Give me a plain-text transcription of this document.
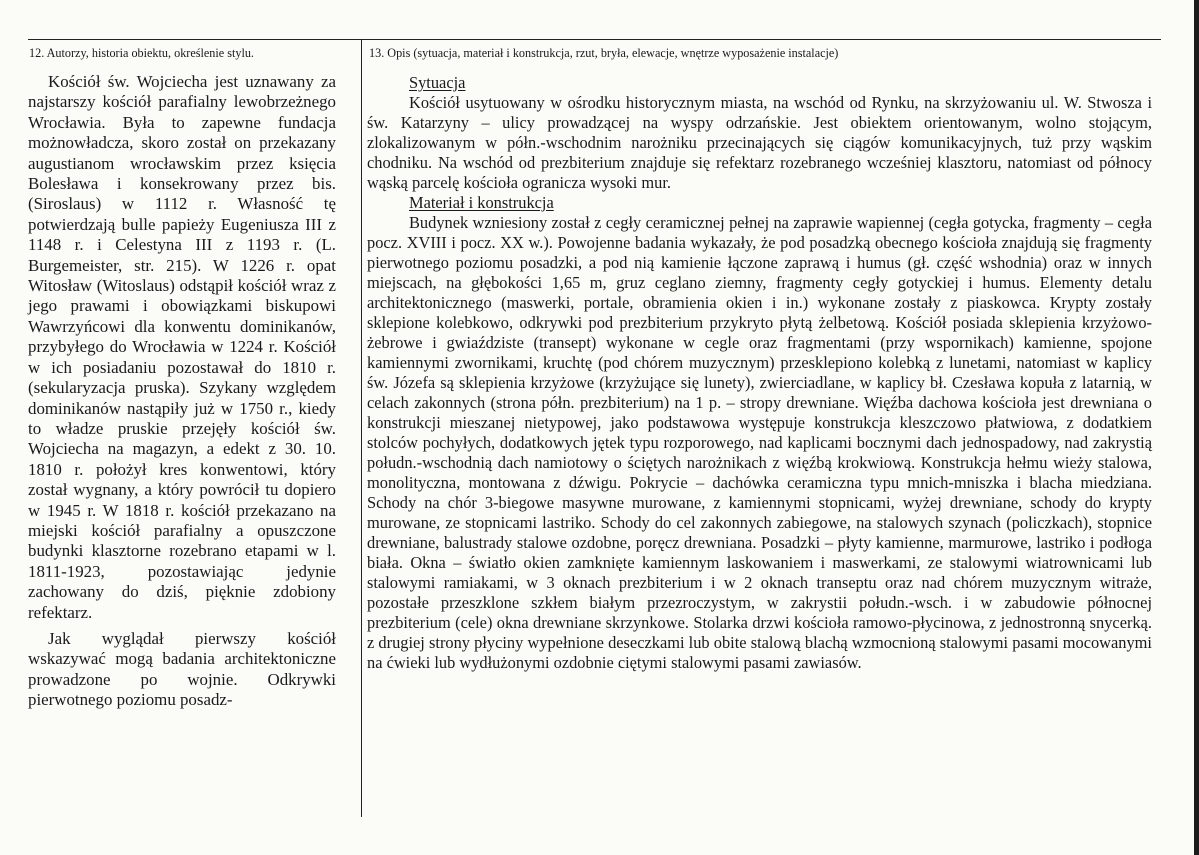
12. Autorzy, historia obiektu, określenie stylu.	13. Opis (sytuacja, materiał i konstrukcja, rzut, bryła, elewacje, wnętrze wyposażenie instalacje)

Kościół św. Wojciecha jest uznawany za najstarszy kościół parafialny lewobrzeżnego Wrocławia. Była to zapewne fundacja możnowładcza, skoro został on przekazany augustianom wrocławskim przez księcia Bolesława i konsekrowany przez bis. (Siroslaus) w 1112 r. Własność tę potwierdzają bulle papieży Eugeniusza III z 1148 r. i Celestyna III z 1193 r. (L. Burgemeister, str. 215). W 1226 r. opat Witosław (Witoslaus) odstąpił kościół wraz z jego prawami i obowiązkami biskupowi Wawrzyńcowi dla konwentu dominikanów, przybyłego do Wrocławia w 1224 r. Kościół w ich posiadaniu pozostawał do 1810 r. (sekularyzacja pruska). Szykany względem dominikanów nastąpiły już w 1750 r., kiedy to władze pruskie przejęły kościół św. Wojciecha na magazyn, a edekt z 30. 10. 1810 r. położył kres konwentowi, który został wygnany, a który powrócił tu dopiero w 1945 r. W 1818 r. kościół przekazano na miejski kościół parafialny a opuszczone budynki klasztorne rozebrano etapami w l. 1811-1923, pozostawiając jedynie zachowany do dziś, pięknie zdobiony refektarz.

Jak wyglądał pierwszy kościół wskazywać mogą badania architektoniczne prowadzone po wojnie. Odkrywki pierwotnego poziomu posadz-

Sytuacja

Kościół usytuowany w ośrodku historycznym miasta, na wschód od Rynku, na skrzyżowaniu ul. W. Stwosza i św. Katarzyny – ulicy prowadzącej na wyspy odrzańskie. Jest obiektem orientowanym, wolno stojącym, zlokalizowanym w półn.-wschodnim narożniku przecinających się ciągów komunikacyjnych, tuż przy wąskim chodniku. Na wschód od prezbiterium znajduje się refektarz rozebranego wcześniej klasztoru, natomiast od północy wąską parcelę kościoła ogranicza wysoki mur.

Materiał i konstrukcja

Budynek wzniesiony został z cegły ceramicznej pełnej na zaprawie wapiennej (cegła gotycka, fragmenty – cegła pocz. XVIII i pocz. XX w.). Powojenne badania wykazały, że pod posadzką obecnego kościoła znajdują się fragmenty pierwotnego poziomu posadzki, a pod nią kamienie łączone zaprawą i humus (gł. część wshodnia) oraz w innych miejscach, na głębokości 1,65 m, gruz ceglano ziemny, fragmenty cegły gotyckiej i humus. Elementy detalu architektonicznego (maswerki, portale, obramienia okien i in.) wykonane zostały z piaskowca. Krypty zostały sklepione kolebkowo, odkrywki pod prezbiterium przykryto płytą żelbetową. Kościół posiada sklepienia krzyżowo-żebrowe i gwiaździste (transept) wykonane w cegle oraz fragmentami (przy wspornikach) kamienne, spojone kamiennymi zwornikami, kruchtę (pod chórem muzycznym) przesklepiono kolebką z lunetami, natomiast w kaplicy św. Józefa są sklepienia krzyżowe (krzyżujące się lunety), zwierciadlane, w kaplicy bł. Czesława kopuła z latarnią, w celach zakonnych (strona półn. prezbiterium) na 1 p. – stropy drewniane. Więźba dachowa kościoła jest drewniana o konstrukcji mieszanej nietypowej, jako podstawowa występuje konstrukcja kleszczowo płatwiowa, z dodatkiem stolców pochyłych, dodatkowych jętek typu rozporowego, nad kaplicami bocznymi dach jednospadowy, nad zakrystią połudn.-wschodnią dach namiotowy o ściętych narożnikach z więźbą krokwiową. Konstrukcja hełmu wieży stalowa, monolityczna, montowana z dźwigu. Pokrycie – dachówka ceramiczna typu mnich-mniszka i blacha miedziana. Schody na chór 3-biegowe masywne murowane, z kamiennymi stopnicami, wyżej drewniane, schody do krypty murowane, ze stopnicami lastriko. Schody do cel zakonnych zabiegowe, na stalowych szynach (policzkach), stopnice drewniane, balustrady stalowe ozdobne, poręcz drewniana. Posadzki – płyty kamienne, marmurowe, lastriko i podłoga biała. Okna – światło okien zamknięte kamiennym laskowaniem i maswerkami, ze stalowymi wiatrownicami lub stalowymi ramiakami, w 3 oknach prezbiterium i w 2 oknach transeptu oraz nad chórem muzycznym witraże, pozostałe przeszklone szkłem białym przezroczystym, w zakrystii połudn.-wsch. i w zabudowie północnej prezbiterium (cele) okna drewniane skrzynkowe. Stolarka drzwi kościoła ramowo-płycinowa, z jednostronną snycerką. z drugiej strony płyciny wypełnione deseczkami lub obite stalową blachą wzmocnioną stalowymi pasami mocowanymi na ćwieki lub wydłużonymi ozdobnie ciętymi stalowymi pasami zawiasów.
